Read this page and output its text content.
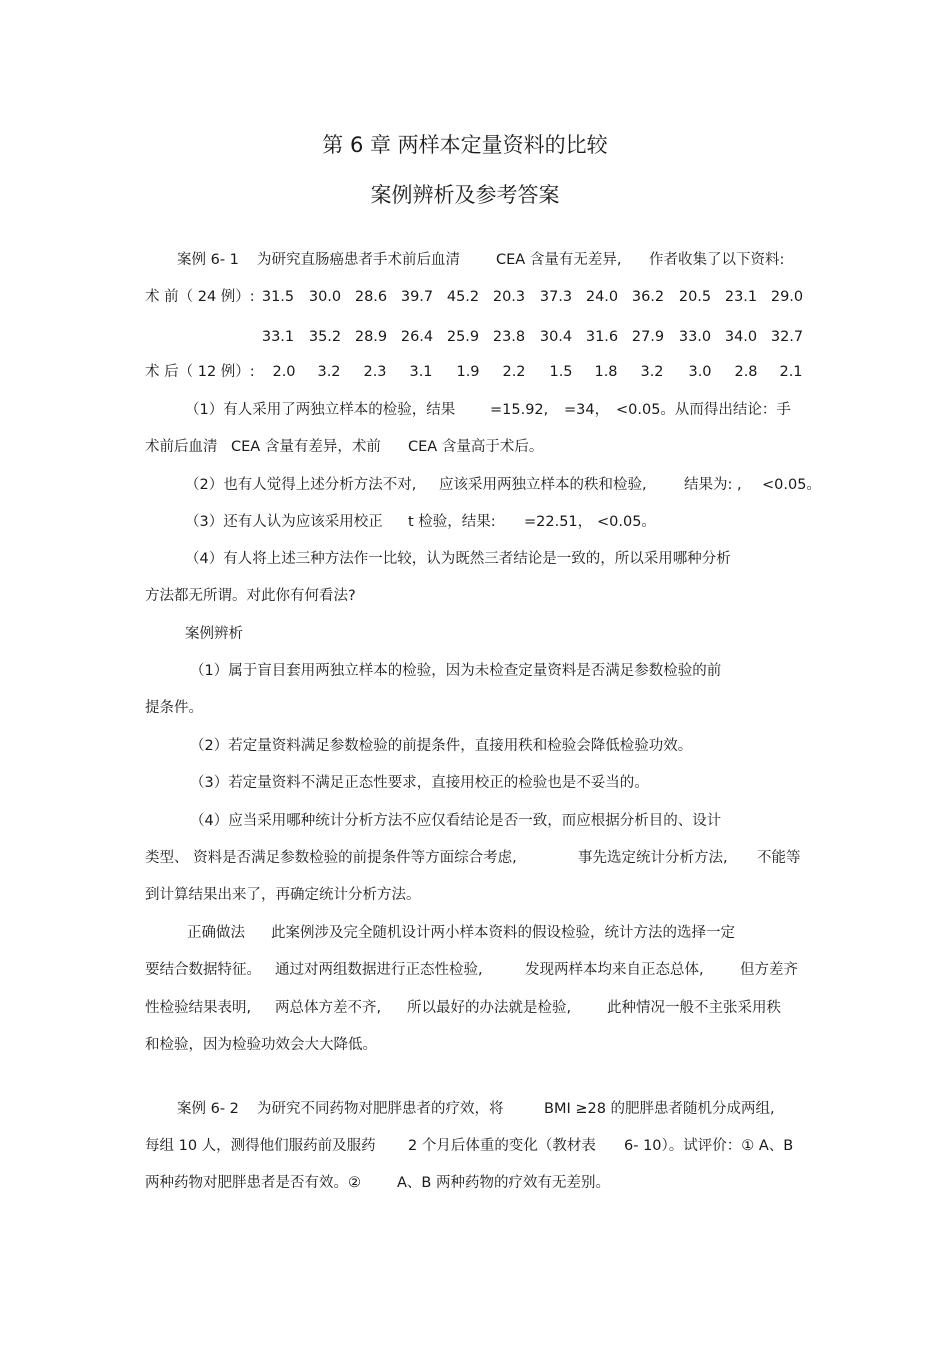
第 6 章 两样本定量资料的比较
案例辨析及参考答案
案例 6- 1 为研究直肠癌患者手术前后血清 CEA 含量有无差异, 作者收集了以下资料:
术 前（ 24 例）: 31.5	30.0 28.6 39.7 45.2 20.3	37.3 24.0 36.2	20.5 23.1 29.0
33.1	35.2 28.9 26.4 25.9 23.8	30.4 31.6 27.9	33.0 34.0 32.7
术 后（ 12 例）:	2.0	3.2	2.3	3.1	1.9	2.2	1.5	1.8	3.2	3.0	2.8	2.1
（1）有人采用了两独立样本的检验，结果 =15.92, =34， <0.05。从而得出结论：手
术前后血清 CEA 含量有差异，术前 CEA 含量高于术后。
（2）也有人觉得上述分析方法不对, 应该采用两独立样本的秩和检验,	结果为: , <0.05。
（3）还有人认为应该采用校正 t 检验，结果: =22.51， <0.05。
（4）有人将上述三种方法作一比较，认为既然三者结论是一致的，所以采用哪种分析
方法都无所谓。对此你有何看法?
案例辨析
（1）属于盲目套用两独立样本的检验，因为未检查定量资料是否满足参数检验的前
提条件。
（2）若定量资料满足参数检验的前提条件，直接用秩和检验会降低检验功效。
（3）若定量资料不满足正态性要求，直接用校正的检验也是不妥当的。
（4）应当采用哪种统计分析方法不应仅看结论是否一致，而应根据分析目的、设计
类型、 资料是否满足参数检验的前提条件等方面综合考虑,	事先选定统计分析方法, 不能等
到计算结果出来了，再确定统计分析方法。
正确做法 此案例涉及完全随机设计两小样本资料的假设检验，统计方法的选择一定
要结合数据特征。 通过对两组数据进行正态性检验,	发现两样本均来自正态总体,	但方差齐
性检验结果表明, 两总体方差不齐, 所以最好的办法就是检验, 此种情况一般不主张采用秩
和检验，因为检验功效会大大降低。
案例 6- 2 为研究不同药物对肥胖患者的疗效，将	BMI ≥28 的肥胖患者随机分成两组,
每组 10 人，测得他们服药前及服药 2 个月后体重的变化（教材表 6- 10）。试评价：① A、B
两种药物对肥胖患者是否有效。② A、B 两种药物的疗效有无差别。
